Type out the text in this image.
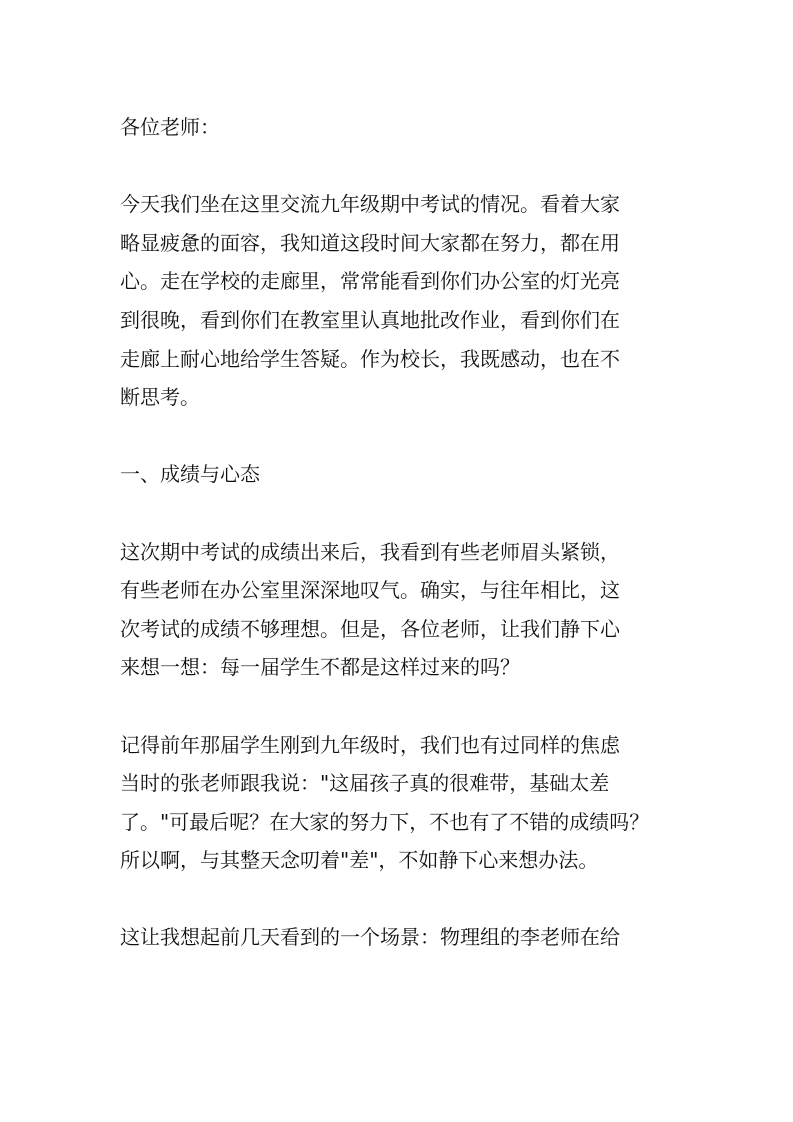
各位老师：

今天我们坐在这里交流九年级期中考试的情况。看着大家
略显疲惫的面容，我知道这段时间大家都在努力，都在用
心。走在学校的走廊里，常常能看到你们办公室的灯光亮
到很晚，看到你们在教室里认真地批改作业，看到你们在
走廊上耐心地给学生答疑。作为校长，我既感动，也在不
断思考。

一、成绩与心态

这次期中考试的成绩出来后，我看到有些老师眉头紧锁，
有些老师在办公室里深深地叹气。确实，与往年相比，这
次考试的成绩不够理想。但是，各位老师，让我们静下心
来想一想：每一届学生不都是这样过来的吗？

记得前年那届学生刚到九年级时，我们也有过同样的焦虑
当时的张老师跟我说："这届孩子真的很难带，基础太差
了。"可最后呢？在大家的努力下，不也有了不错的成绩吗？
所以啊，与其整天念叨着"差"，不如静下心来想办法。

这让我想起前几天看到的一个场景：物理组的李老师在给
